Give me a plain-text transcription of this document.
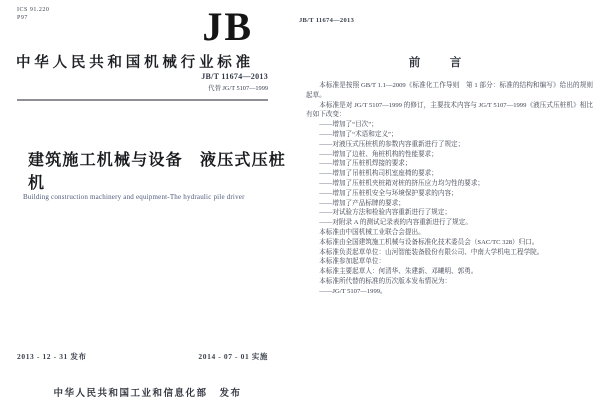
ICS 91.220
P97	JB
中华人民共和国机械行业标准
JB/T 11674—2013
代替 JG/T 5107—1999
建筑施工机械与设备　液压式压桩机
Building construction machinery and equipment-The hydraulic pile driver
2013 - 12 - 31 发布	2014 - 07 - 01 实施
中华人民共和国工业和信息化部 发布
JB/T 11674—2013
前　言

本标准是按照 GB/T 1.1—2009《标准化工作导则　第 1 部分：标准的结构和编写》给出的规则起草。

本标准是对 JG/T 5107—1999 的修订，主要技术内容与 JG/T 5107—1999《液压式压桩机》相比有如下改变：

——增加了“目次”；

——增加了“术语和定义”；

——对液压式压桩机的参数内容重新进行了规定；

——增加了边桩、角桩机构的性能要求；

——增加了压桩机焊接的要求；

——增加了吊桩机构司机室座椅的要求；

——增加了压桩机夹桩箱对桩的挤压应力均匀性的要求；

——增加了压桩机安全与环境保护要求的内容；

——增加了产品标牌的要求；

——对试验方法和检验内容重新进行了规定；

——对附录 A 的测试记录表的内容重新进行了规定。

本标准由中国机械工业联合会提出。

本标准由全国建筑施工机械与设备标准化技术委员会（SAC/TC 328）归口。

本标准负责起草单位：山河智能装备股份有限公司、中南大学机电工程学院。

本标准参加起草单位：

本标准主要起草人：何清华、朱建新、邓曦明、郭勇。

本标准所代替的标准的历次版本发布情况为：

——JG/T 5107—1999。
